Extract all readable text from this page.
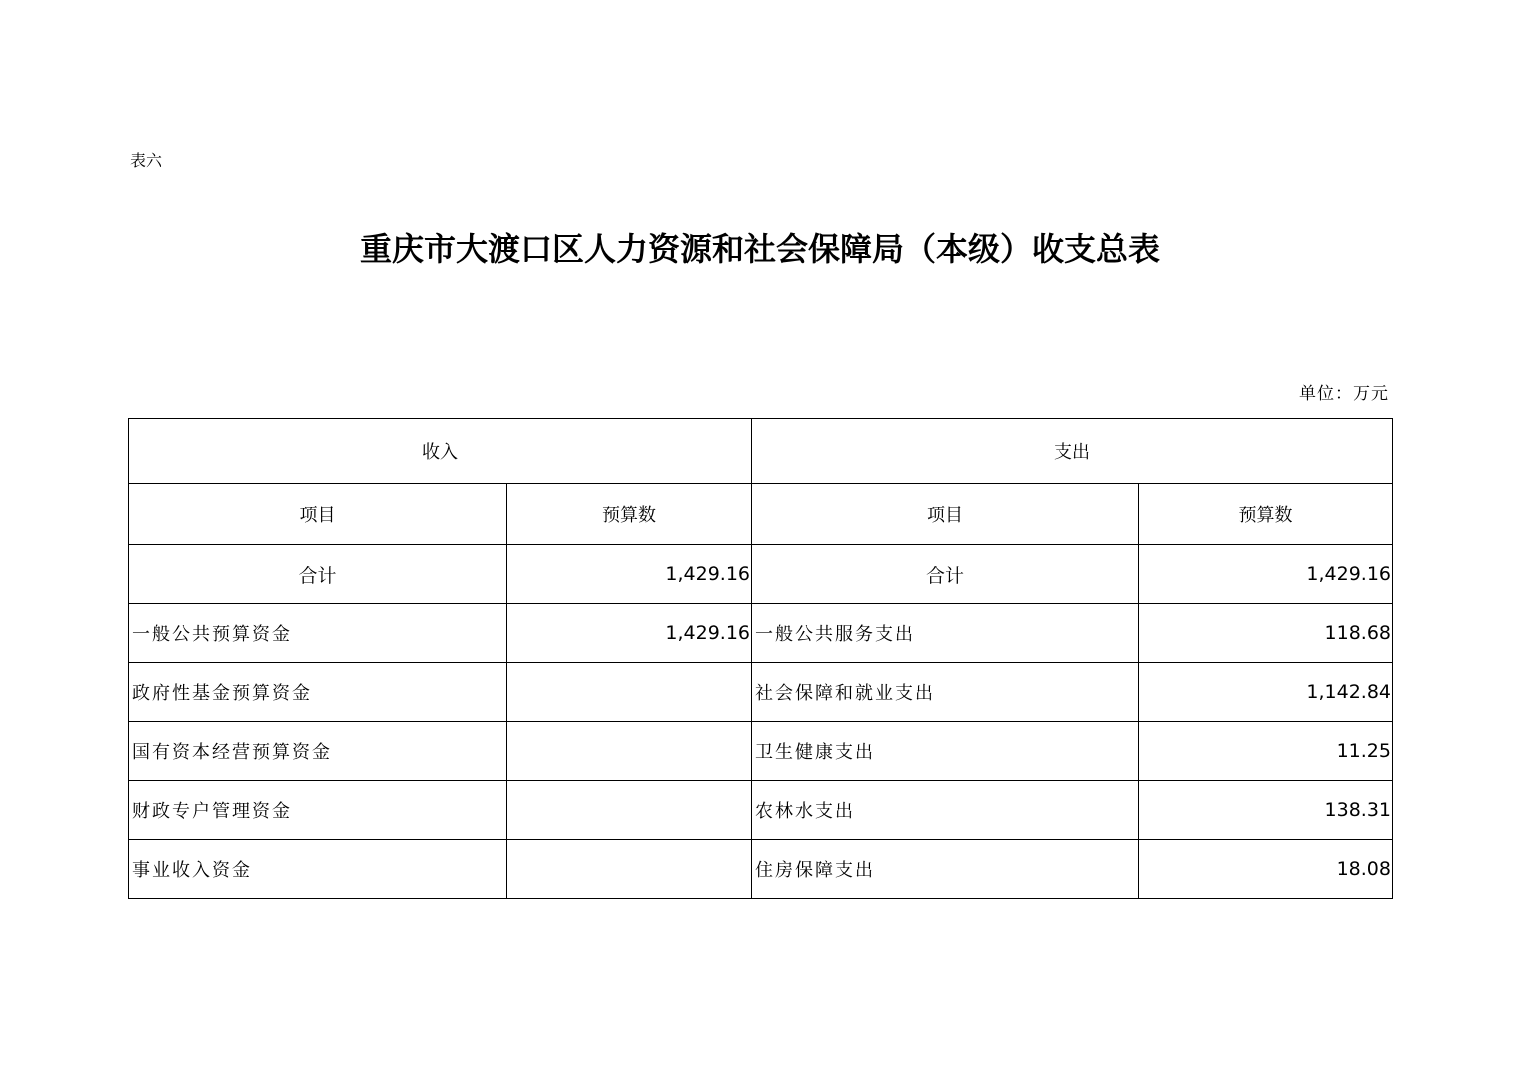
表六
重庆市大渡口区人力资源和社会保障局（本级）收支总表
单位：万元
收入		支出	
项目	预算数	项目	预算数
合计	1,429.16	合计	1,429.16
一般公共预算资金	1,429.16	一般公共服务支出	118.68
政府性基金预算资金		社会保障和就业支出	1,142.84
国有资本经营预算资金		卫生健康支出	11.25
财政专户管理资金		农林水支出	138.31
事业收入资金		住房保障支出	18.08
